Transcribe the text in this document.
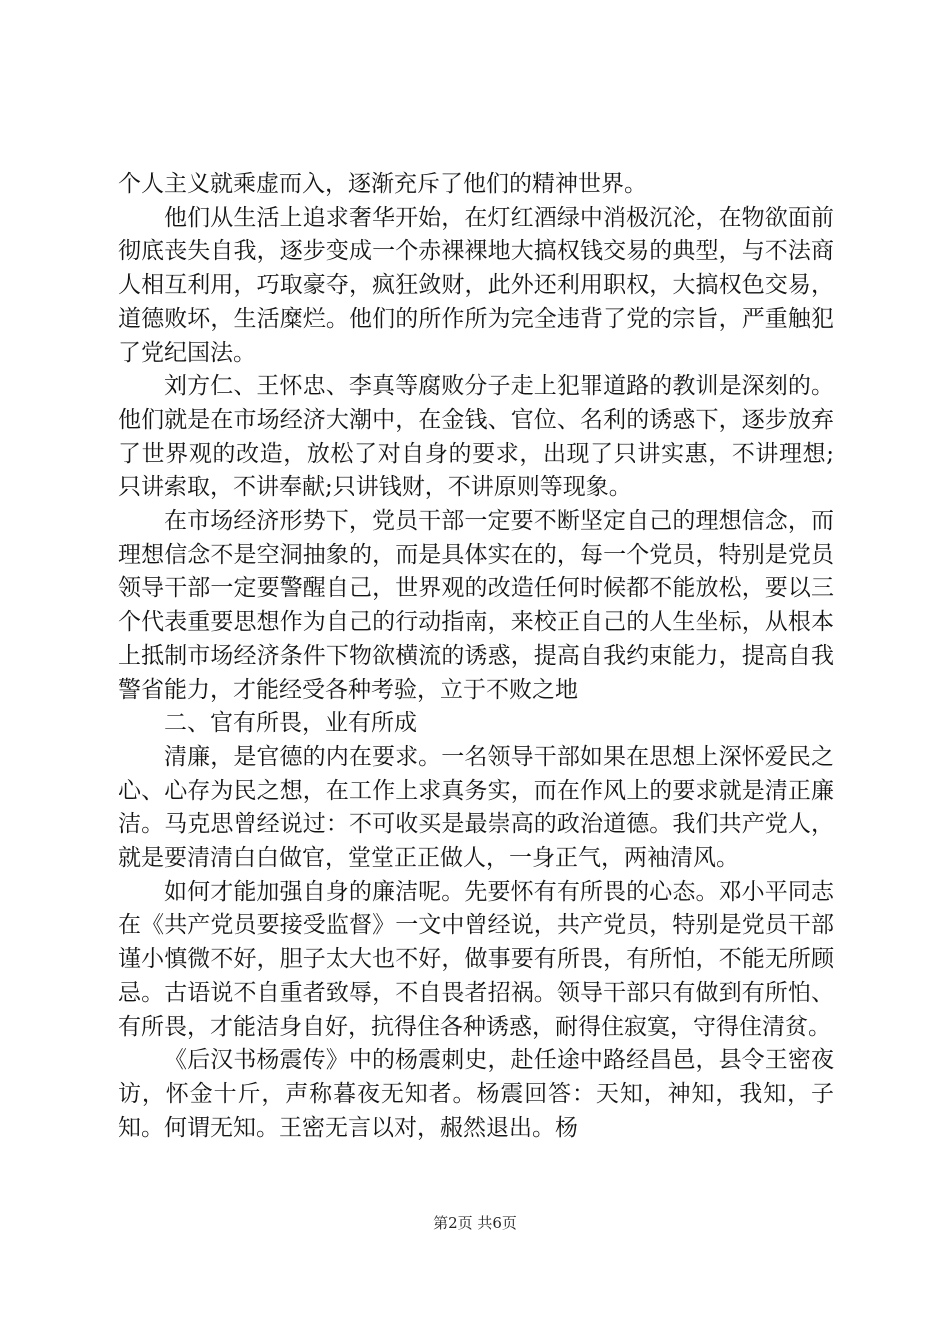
个人主义就乘虚而入，逐渐充斥了他们的精神世界。

他们从生活上追求奢华开始，在灯红酒绿中消极沉沦，在物欲面前彻底丧失自我，逐步变成一个赤裸裸地大搞权钱交易的典型，与不法商人相互利用，巧取豪夺，疯狂敛财，此外还利用职权，大搞权色交易，道德败坏，生活糜烂。他们的所作所为完全违背了党的宗旨，严重触犯了党纪国法。

刘方仁、王怀忠、李真等腐败分子走上犯罪道路的教训是深刻的。他们就是在市场经济大潮中，在金钱、官位、名利的诱惑下，逐步放弃了世界观的改造，放松了对自身的要求，出现了只讲实惠，不讲理想;只讲索取，不讲奉献;只讲钱财，不讲原则等现象。

在市场经济形势下，党员干部一定要不断坚定自己的理想信念，而理想信念不是空洞抽象的，而是具体实在的，每一个党员，特别是党员领导干部一定要警醒自己，世界观的改造任何时候都不能放松，要以三个代表重要思想作为自己的行动指南，来校正自己的人生坐标，从根本上抵制市场经济条件下物欲横流的诱惑，提高自我约束能力，提高自我警省能力，才能经受各种考验，立于不败之地

二、官有所畏，业有所成

清廉，是官德的内在要求。一名领导干部如果在思想上深怀爱民之心、心存为民之想，在工作上求真务实，而在作风上的要求就是清正廉洁。马克思曾经说过：不可收买是最崇高的政治道德。我们共产党人，就是要清清白白做官，堂堂正正做人，一身正气，两袖清风。

如何才能加强自身的廉洁呢。先要怀有有所畏的心态。邓小平同志在《共产党员要接受监督》一文中曾经说，共产党员，特别是党员干部谨小慎微不好，胆子太大也不好，做事要有所畏，有所怕，不能无所顾忌。古语说不自重者致辱，不自畏者招祸。领导干部只有做到有所怕、有所畏，才能洁身自好，抗得住各种诱惑，耐得住寂寞，守得住清贫。

《后汉书杨震传》中的杨震刺史，赴任途中路经昌邑，县令王密夜访，怀金十斤，声称暮夜无知者。杨震回答：天知，神知，我知，子知。何谓无知。王密无言以对，赧然退出。杨

第2页 共6页
